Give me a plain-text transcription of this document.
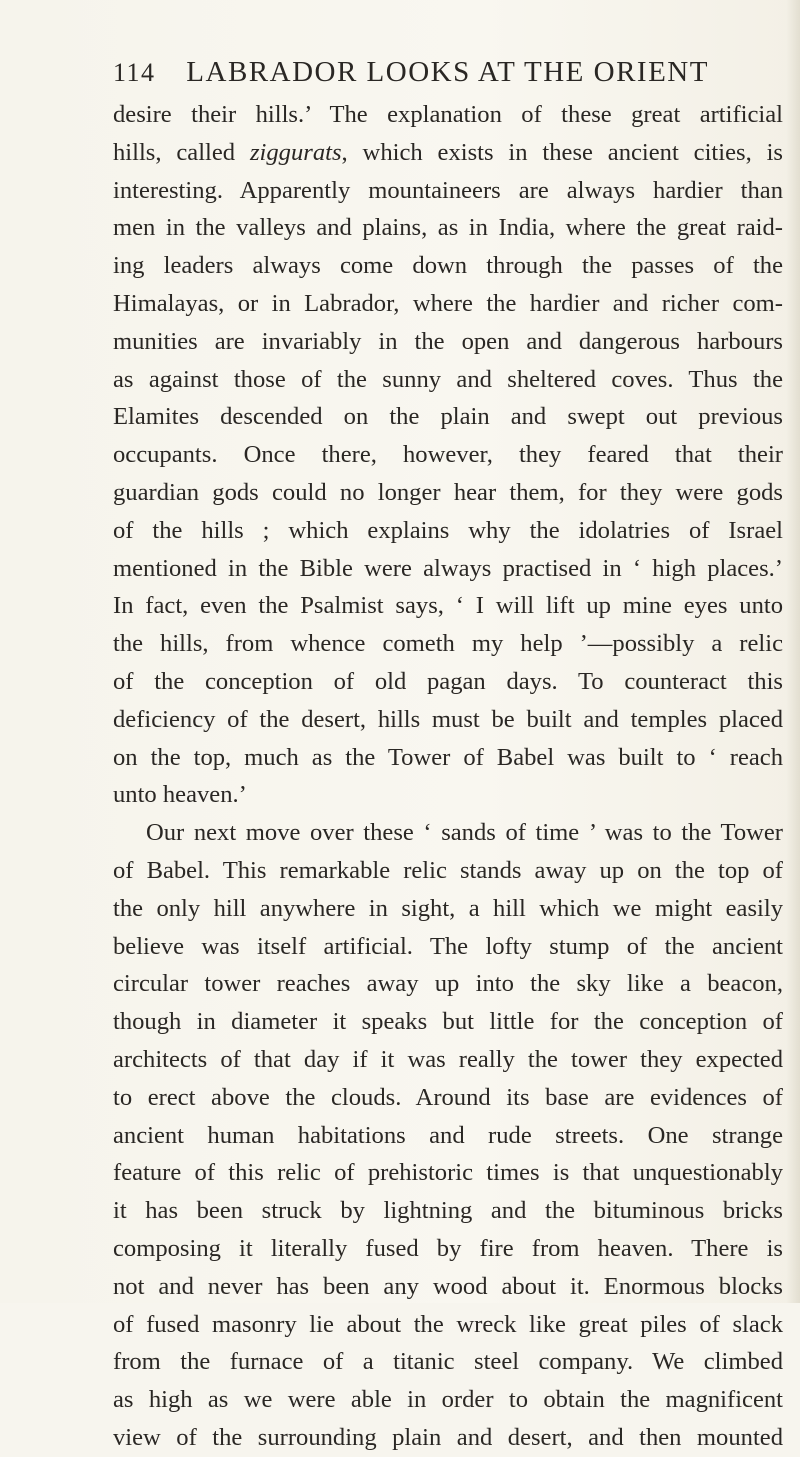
114 LABRADOR LOOKS AT THE ORIENT
desire their hills.’ The explanation of these great artificial
hills, called ziggurats, which exists in these ancient cities, is
interesting. Apparently mountaineers are always hardier than
men in the valleys and plains, as in India, where the great raid-
ing leaders always come down through the passes of the
Himalayas, or in Labrador, where the hardier and richer com-
munities are invariably in the open and dangerous harbours
as against those of the sunny and sheltered coves. Thus the
Elamites descended on the plain and swept out previous
occupants. Once there, however, they feared that their
guardian gods could no longer hear them, for they were gods
of the hills ; which explains why the idolatries of Israel
mentioned in the Bible were always practised in ‘ high places.’
In fact, even the Psalmist says, ‘ I will lift up mine eyes unto
the hills, from whence cometh my help ’—possibly a relic
of the conception of old pagan days. To counteract this
deficiency of the desert, hills must be built and temples placed
on the top, much as the Tower of Babel was built to ‘ reach
unto heaven.’
Our next move over these ‘ sands of time ’ was to the Tower
of Babel. This remarkable relic stands away up on the top of
the only hill anywhere in sight, a hill which we might easily
believe was itself artificial. The lofty stump of the ancient
circular tower reaches away up into the sky like a beacon,
though in diameter it speaks but little for the conception of
architects of that day if it was really the tower they expected
to erect above the clouds. Around its base are evidences of
ancient human habitations and rude streets. One strange
feature of this relic of prehistoric times is that unquestionably
it has been struck by lightning and the bituminous bricks
composing it literally fused by fire from heaven. There is
not and never has been any wood about it. Enormous blocks
of fused masonry lie about the wreck like great piles of slack
from the furnace of a titanic steel company. We climbed
as high as we were able in order to obtain the magnificent
view of the surrounding plain and desert, and then mounted
